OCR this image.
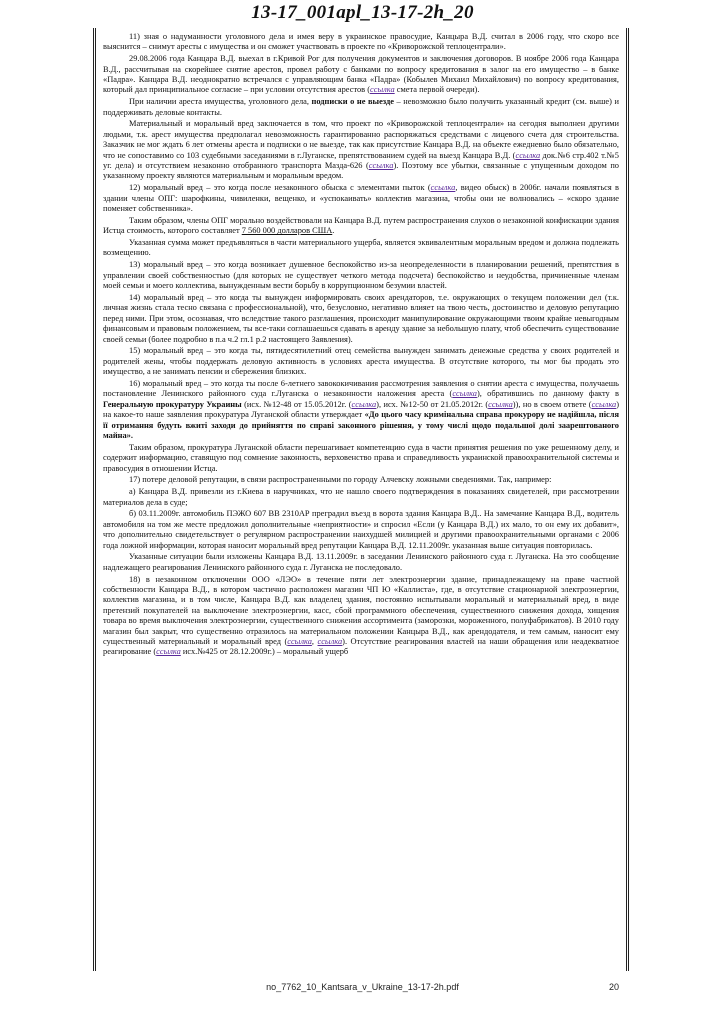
13-17_001apl_13-17-2h_20

11) зная о надуманности уголовного дела и имея веру в украинское правосудие, Канцыра В.Д. считал в 2006 году, что скоро все выяснится – снимут аресты с имущества и он сможет участвовать в проекте по «Криворожской теплоцентрали».

29.08.2006 года Канцара В.Д. выехал в г.Кривой Рог для получения документов и заключения договоров. В ноябре 2006 года Канцара В.Д., рассчитывая на скорейшее снятие арестов, провел работу с банками по вопросу кредитования в залог на его имущество – в банке «Падра». Канцара В.Д. неоднократно встречался с управляющим банка «Падра» (Кобылев Михаил Михайлович) по вопросу кредитования, который дал принципиальное согласие – при условии отсутствия арестов (ссылка смета первой очереди).

При наличии ареста имущества, уголовного дела, подписки о не выезде – невозможно было получить указанный кредит (см. выше) и поддерживать деловые контакты.

Материальный и моральный вред заключается в том, что проект по «Криворожской теплоцентрали» на сегодня выполнен другими людьми, т.к. арест имущества предполагал невозможность гарантированно распоряжаться средствами с лицевого счета для строительства. Заказчик не мог ждать 6 лет отмены ареста и подписки о не выезде, так как присутствие Канцара В.Д. на объекте ежедневно было обязательно, что не сопоставимо со 103 судебными заседаниями в г.Луганске, препятствованием судей на выезд Канцара В.Д. (ссылка док.№6 стр.402 т.№5 уг. дела) и отсутствием незаконно отобранного транспорта Мазда-626 (ссылка). Поэтому все убытки, связанные с упущенным доходом по указанному проекту являются материальным и моральным вредом.

12) моральный вред – это когда после незаконного обыска с элементами пыток (ссылка, видео обыск) в 2006г. начали появляться в здании члены ОПГ: шарофкины, чивиленки, вещенко, и «успокаивать» коллектив магазина, чтобы они не волновались – «скоро здание поменяет собственника».

Таким образом, члены ОПГ морально воздействовали на Канцара В.Д. путем распространения слухов о незаконной конфискации здания Истца стоимость, которого составляет 7 560 000 долларов США.

Указанная сумма может предъявляться в части материального ущерба, является эквивалентным моральным вредом и должна подлежать возмещению.

13) моральный вред – это когда возникает душевное беспокойство из-за неопределенности в планировании решений, препятствия в управлении своей собственностью (для которых не существует четкого метода подсчета) беспокойство и неудобства, причиненные членам моей семьи и моего коллектива, вынужденным вести борьбу в коррупционном безумии властей.

14) моральный вред – это когда ты вынужден информировать своих арендаторов, т.е. окружающих о текущем положении дел (т.к. личная жизнь стала тесно связана с профессиональной), что, безусловно, негативно влияет на твою честь, достоинство и деловую репутацию перед ними. При этом, осознавая, что вследствие такого разглашения, происходит манипулирование окружающими твоим крайне невыгодным финансовым и правовым положением, ты все-таки соглашаешься сдавать в аренду здание за небольшую плату, чтоб обеспечить существование своей семьи (более подробно в п.а ч.2 гл.1 р.2 настоящего Заявления).

15) моральный вред – это когда ты, пятидесятилетний отец семейства вынужден занимать денежные средства у своих родителей и родителей жены, чтобы поддержать деловую активность в условиях ареста имущества. В отсутствие которого, ты мог бы продать это имущество, а не занимать пенсии и сбережения близких.

16) моральный вред – это когда ты после 6-летнего завококичивания рассмотрения заявления о снятии ареста с имущества, получаешь постановление Ленинского районного суда г.Луганска о незаконности наложения ареста (ссылка), обратившись по данному факту в Генеральную прокуратуру Украины (исх. №12-48 от 15.05.2012г. (ссылка), исх. №12-50 от 21.05.2012г. (ссылка)), но в своем ответе (ссылка) на какое-то наше заявления прокуратура Луганской области утверждает «До цього часу кримінальна справа прокурору не надійшла, після її отримання будуть вжиті заходи до прийняття по справі законного рішення, у тому числі щодо подальшої долі заарештованого майна».

Таким образом, прокуратура Луганской области перешагивает компетенцию суда в части принятия решения по уже решенному делу, и содержит информацию, ставящую под сомнение законность, верховенство права и справедливость украинской правоохранительной системы и правосудия в отношении Истца.

17) потере деловой репутации, в связи распространенными по городу Алчевску ложными сведениями. Так, например:

а) Канцара В.Д. привезли из г.Киева в наручниках, что не нашло своего подтверждения в показаниях свидетелей, при рассмотрении материалов дела в суде;

б) 03.11.2009г. автомобиль ПЭЖО 607 ВВ 2310АР преградил въезд в ворота здания Канцара В.Д.. На замечание Канцара В.Д., водитель автомобиля на том же месте предложил дополнительные «неприятности» и спросил «Если (у Канцара В.Д.) их мало, то он ему их добавит», что дополнительно свидетельствует о регулярном распространении наихудшей милицией и другими правоохранительными органами с 2006 года ложной информации, которая наносит моральный вред репутации Канцара В.Д. 12.11.2009г. указанная выше ситуация повторилась.

Указанные ситуации были изложены Канцара В.Д. 13.11.2009г. в заседании Ленинского районного суда г. Луганска. На это сообщение надлежащего реагирования Ленинского районного суда г. Луганска не последовало.

18) в незаконном отключении ООО «ЛЭО» в течение пяти лет электроэнергии здание, принадлежащему на праве частной собственности Канцара В.Д., в котором частично расположен магазин ЧП Ю «Каллиста», где, в отсутствие стационарной электроэнергии, коллектив магазина, и в том числе, Канцара В.Д. как владелец здания, постоянно испытывали моральный и материальный вред, в виде претензий покупателей на выключение электроэнергии, касс, сбой программного обеспечения, существенного снижения дохода, хищения товара во время выключения электроэнергии, существенного снижения ассортимента (заморозки, мороженного, полуфабрикатов). В 2010 году магазин был закрыт, что существенно отразилось на материальном положении Канцыра В.Д., как арендодателя, и тем самым, наносит ему существенный материальный и моральный вред (ссылка, ссылка). Отсутствие реагирования властей на наши обращения или неадекватное реагирование (ссылка исх.№425 от 28.12.2009г.) – моральный ущерб

no_7762_10_Kantsara_v_Ukraine_13-17-2h.pdf	20
